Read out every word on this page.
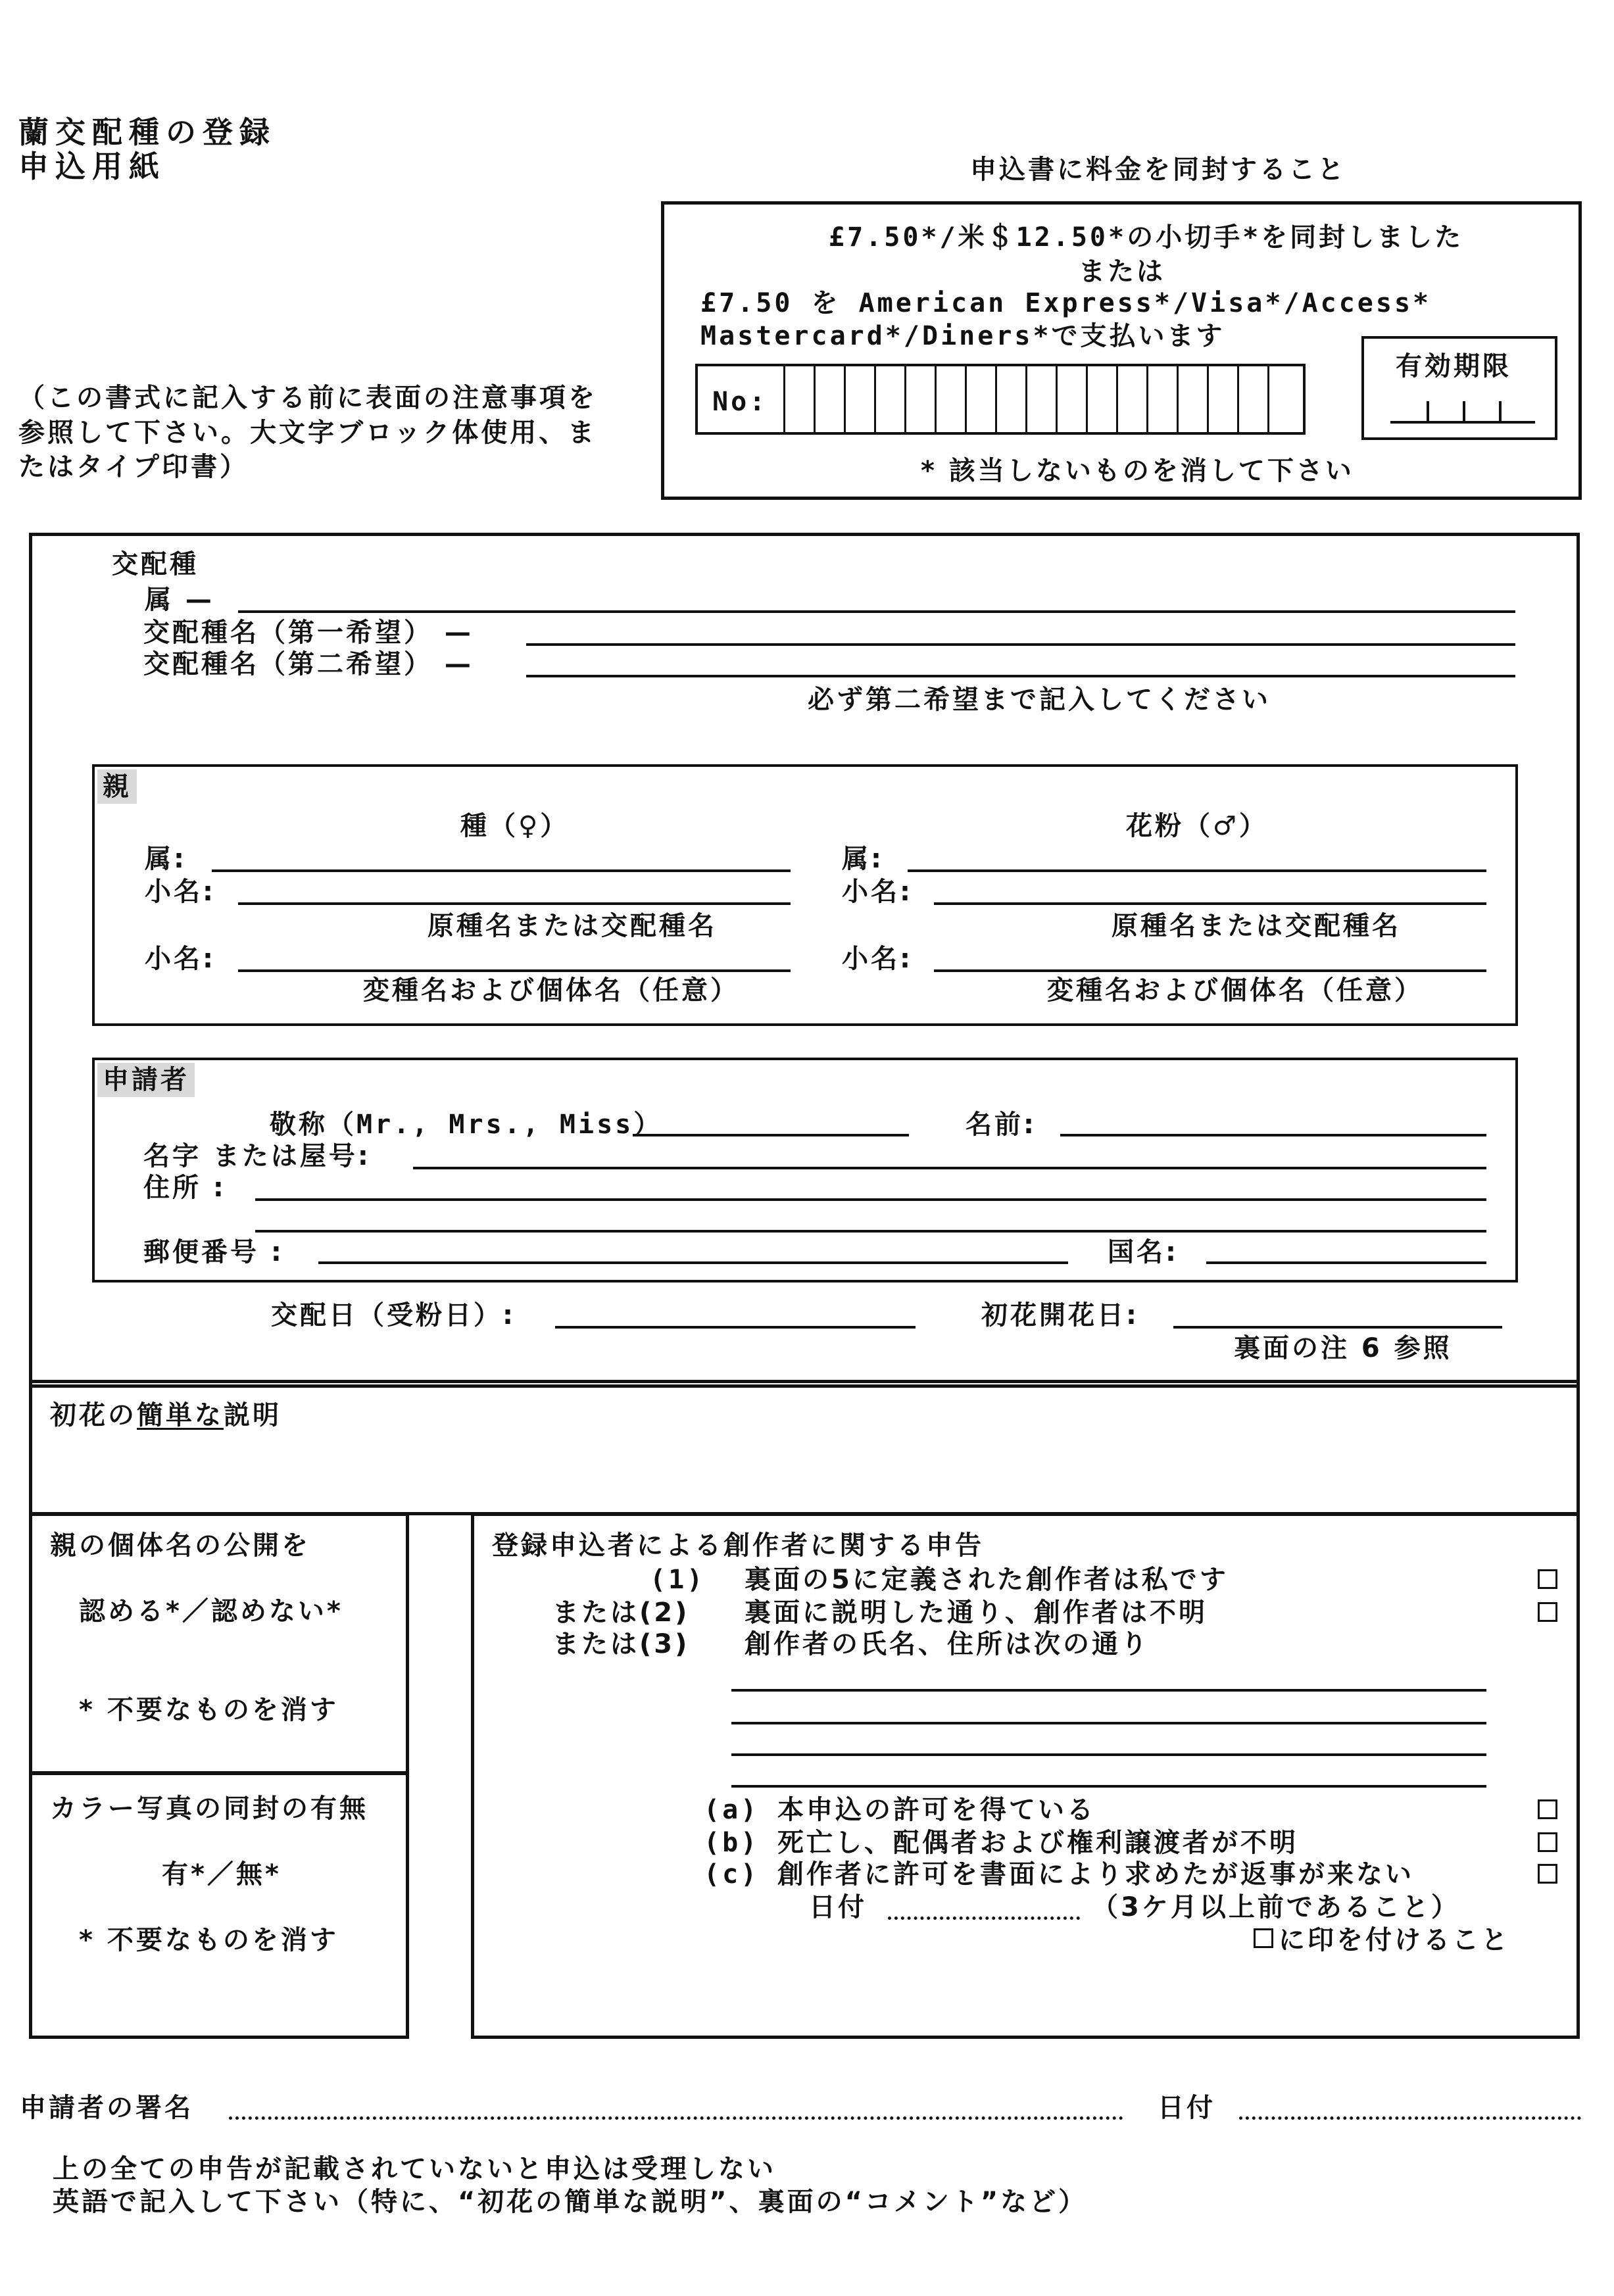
蘭交配種の登録
申込用紙	申込書に料金を同封すること
£7.50*/米＄12.50*の小切手*を同封しました
または
£7.50 を American Express*/Visa*/Access*
Mastercard*/Diners*で支払います
No:
有効期限
* 該当しないものを消して下さい
（この書式に記入する前に表面の注意事項を
参照して下さい。大文字ブロック体使用、ま
たはタイプ印書）
交配種
属 —
交配種名（第一希望） —
交配種名（第二希望） —
必ず第二希望まで記入してください
親
種（♀）	花粉（♂）
属:	属:
小名:	小名:
原種名または交配種名	原種名または交配種名
小名:	小名:
変種名および個体名（任意）	変種名および個体名（任意）
申請者
敬称（Mr., Mrs., Miss）	名前:
名字 または屋号:
住所 :
郵便番号 :	国名:
交配日（受粉日）:	初花開花日:
裏面の注 6 参照
初花の簡単な説明
親の個体名の公開を
認める*／認めない*
* 不要なものを消す
カラー写真の同封の有無
有*／無*
* 不要なものを消す
登録申込者による創作者に関する申告
(1) 裏面の5に定義された創作者は私です
または(2) 裏面に説明した通り、創作者は不明
または(3) 創作者の氏名、住所は次の通り
(a) 本申込の許可を得ている
(b) 死亡し、配偶者および権利譲渡者が不明
(c) 創作者に許可を書面により求めたが返事が来ない
日付	（3ケ月以上前であること）
に印を付けること
申請者の署名	日付
上の全ての申告が記載されていないと申込は受理しない
英語で記入して下さい（特に、“初花の簡単な説明”、裏面の“コメント”など）
